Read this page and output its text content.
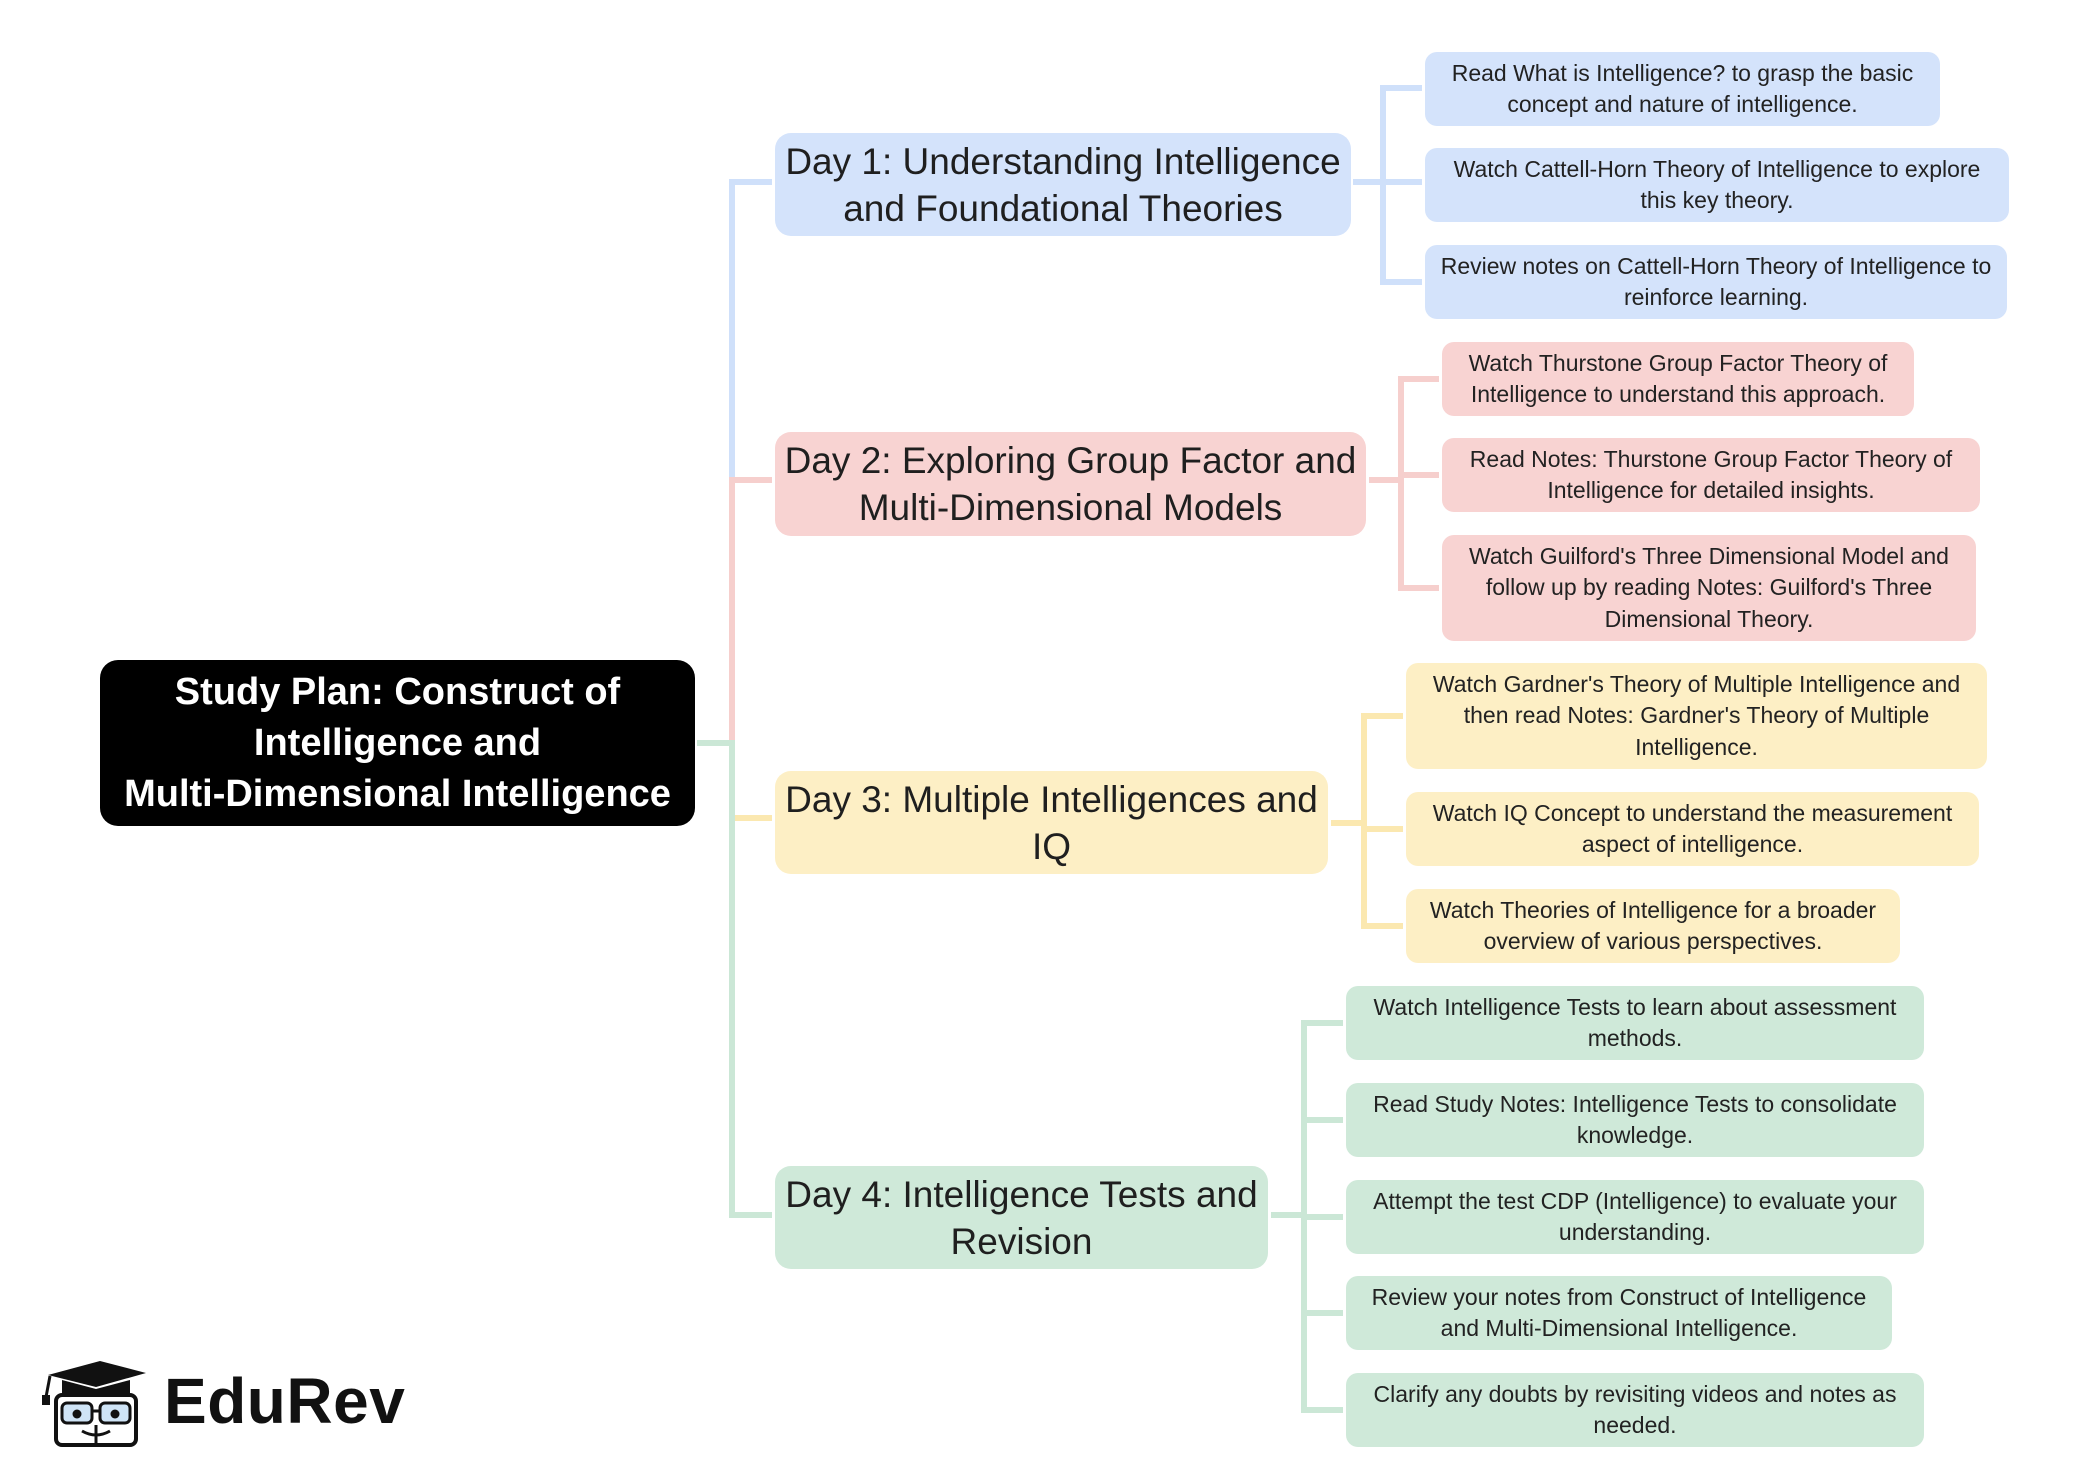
Study Plan: Construct of
Intelligence and
Multi-Dimensional Intelligence
Day 1: Understanding Intelligence and Foundational Theories
Read What is Intelligence? to grasp the basic concept and nature of intelligence.
Watch Cattell-Horn Theory of Intelligence to explore this key theory.
Review notes on Cattell-Horn Theory of Intelligence to reinforce learning.
Day 2: Exploring Group Factor and Multi-Dimensional Models
Watch Thurstone Group Factor Theory of Intelligence to understand this approach.
Read Notes: Thurstone Group Factor Theory of Intelligence for detailed insights.
Watch Guilford's Three Dimensional Model and follow up by reading Notes: Guilford's Three Dimensional Theory.
Day 3: Multiple Intelligences and IQ
Watch Gardner's Theory of Multiple Intelligence and then read Notes: Gardner's Theory of Multiple Intelligence.
Watch IQ Concept to understand the measurement aspect of intelligence.
Watch Theories of Intelligence for a broader overview of various perspectives.
Day 4: Intelligence Tests and Revision
Watch Intelligence Tests to learn about assessment methods.
Read Study Notes: Intelligence Tests to consolidate knowledge.
Attempt the test CDP (Intelligence) to evaluate your understanding.
Review your notes from Construct of Intelligence and Multi-Dimensional Intelligence.
Clarify any doubts by revisiting videos and notes as needed.
EduRev
